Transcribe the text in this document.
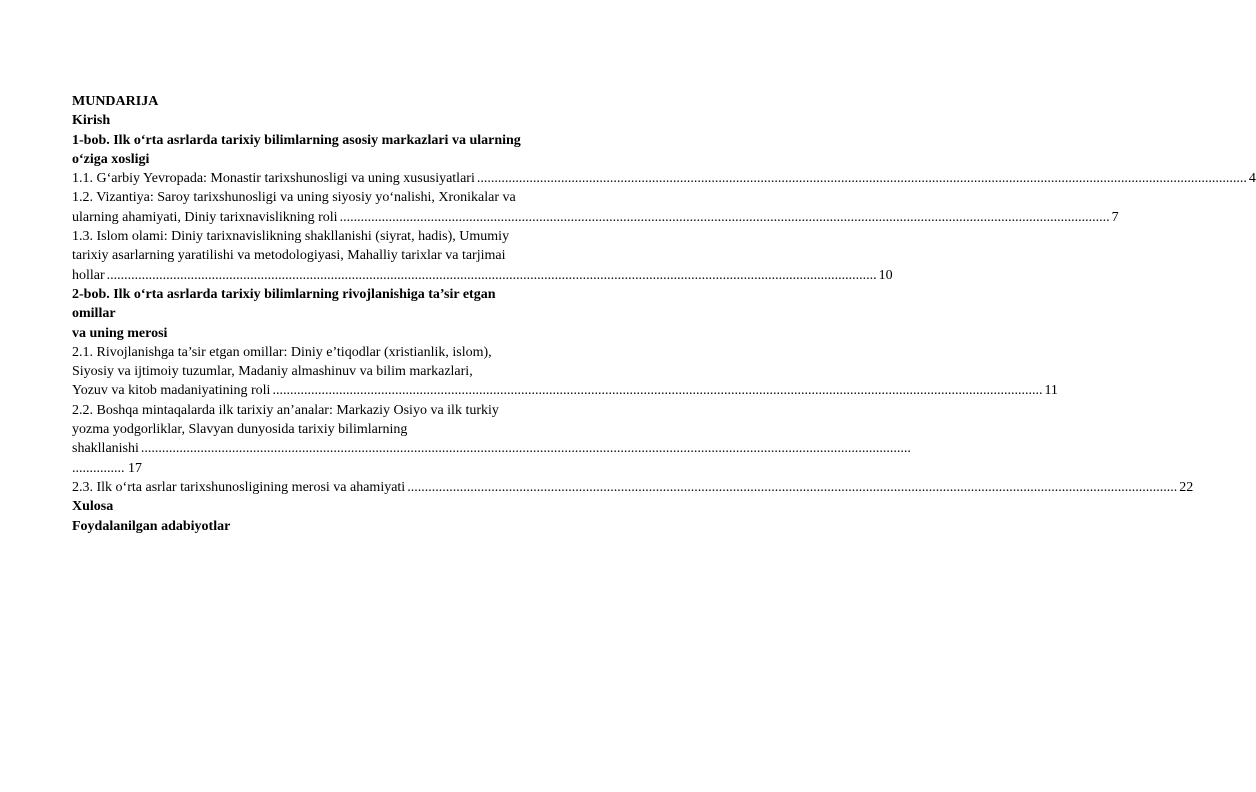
MUNDARIJA
Kirish
1-bob. Ilk o‘rta asrlarda tarixiy bilimlarning asosiy markazlari va ularning
o‘ziga xosligi
1.1. G‘arbiy Yevropada: Monastir tarixshunosligi va uning xususiyatlari ............................................................................................................................................................................................................................ 4
1.2. Vizantiya: Saroy tarixshunosligi va uning siyosiy yo‘nalishi, Xronikalar va
ularning ahamiyati, Diniy tarixnavislikning roli ............................................................................................................................................................................................................................ 7
1.3. Islom olami: Diniy tarixnavislikning shakllanishi (siyrat, hadis), Umumiy
tarixiy asarlarning yaratilishi va metodologiyasi, Mahalliy tarixlar va tarjimai
hollar ............................................................................................................................................................................................................................ 10
2-bob. Ilk o‘rta asrlarda tarixiy bilimlarning rivojlanishiga ta’sir etgan
omillar
va uning merosi
2.1. Rivojlanishga ta’sir etgan omillar: Diniy e’tiqodlar (xristianlik, islom),
Siyosiy va ijtimoiy tuzumlar, Madaniy almashinuv va bilim markazlari,
Yozuv va kitob madaniyatining roli ............................................................................................................................................................................................................................ 11
2.2. Boshqa mintaqalarda ilk tarixiy an’analar: Markaziy Osiyo va ilk turkiy
yozma yodgorliklar, Slavyan dunyosida tarixiy bilimlarning
shakllanishi ............................................................................................................................................................................................................................
............... 17
2.3. Ilk o‘rta asrlar tarixshunosligining merosi va ahamiyati ............................................................................................................................................................................................................................ 22
Xulosa
Foydalanilgan adabiyotlar
